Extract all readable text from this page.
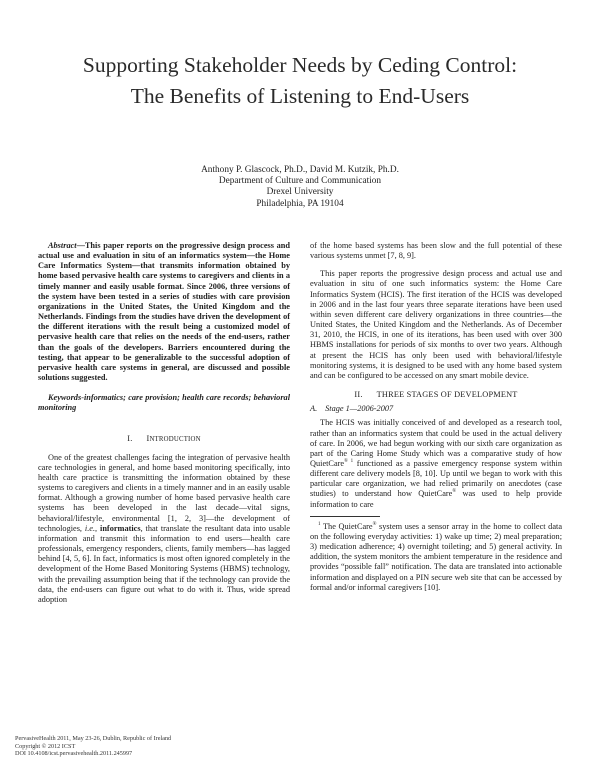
Supporting Stakeholder Needs by Ceding Control:
The Benefits of Listening to End-Users
Anthony P. Glascock, Ph.D., David M. Kutzik, Ph.D.
Department of Culture and Communication
Drexel University
Philadelphia, PA 19104

Abstract—This paper reports on the progressive design process and actual use and evaluation in situ of an informatics system—the Home Care Informatics System—that transmits information obtained by home based pervasive health care systems to caregivers and clients in a timely manner and easily usable format. Since 2006, three versions of the system have been tested in a series of studies with care provision organizations in the United States, the United Kingdom and the Netherlands. Findings from the studies have driven the development of the different iterations with the result being a customized model of pervasive health care that relies on the needs of the end-users, rather than the goals of the developers. Barriers encountered during the testing, that appear to be generalizable to the successful adoption of pervasive health care systems in general, are discussed and possible solutions suggested.

Keywords-informatics; care provision; health care records; behavioral monitoring

I. INTRODUCTION

One of the greatest challenges facing the integration of pervasive health care technologies in general, and home based monitoring specifically, into health care practice is transmitting the information obtained by these systems to caregivers and clients in a timely manner and in an easily usable format. Although a growing number of home based pervasive health care systems has been developed in the last decade—vital signs, behavioral/lifestyle, environmental [1, 2, 3]—the development of technologies, i.e., informatics, that translate the resultant data into usable information and transmit this information to end users—health care professionals, emergency responders, clients, family members—has lagged behind [4, 5, 6]. In fact, informatics is most often ignored completely in the development of the Home Based Monitoring Systems (HBMS) technology, with the prevailing assumption being that if the technology can provide the data, the end-users can figure out what to do with it. Thus, wide spread adoption

of the home based systems has been slow and the full potential of these various systems unmet [7, 8, 9].

This paper reports the progressive design process and actual use and evaluation in situ of one such informatics system: the Home Care Informatics System (HCIS). The first iteration of the HCIS was developed in 2006 and in the last four years three separate iterations have been used within seven different care delivery organizations in three countries—the United States, the United Kingdom and the Netherlands. As of December 31, 2010, the HCIS, in one of its iterations, has been used with over 300 HBMS installations for periods of six months to over two years. Although at present the HCIS has only been used with behavioral/lifestyle monitoring systems, it is designed to be used with any home based system and can be configured to be accessed on any smart mobile device.

II. THREE STAGES OF DEVELOPMENT

A. Stage 1—2006-2007

The HCIS was initially conceived of and developed as a research tool, rather than an informatics system that could be used in the actual delivery of care. In 2006, we had begun working with our sixth care organization as part of the Caring Home Study which was a comparative study of how QuietCare$^{® 1}$ functioned as a passive emergency response system within different care delivery models [8, 10]. Up until we began to work with this particular care organization, we had relied primarily on anecdotes (case studies) to understand how QuietCare® was used to help provide information to care

$^1$ The QuietCare® system uses a sensor array in the home to collect data on the following everyday activities: 1) wake up time; 2) meal preparation; 3) medication adherence; 4) overnight toileting; and 5) general activity. In addition, the system monitors the ambient temperature in the residence and provides “possible fall” notification. The data are translated into actionable information and displayed on a PIN secure web site that can be accessed by formal and/or informal caregivers [10].

PervasiveHealth 2011, May 23-26, Dublin, Republic of Ireland
Copyright © 2012 ICST
DOI 10.4108/icst.pervasivehealth.2011.245997
